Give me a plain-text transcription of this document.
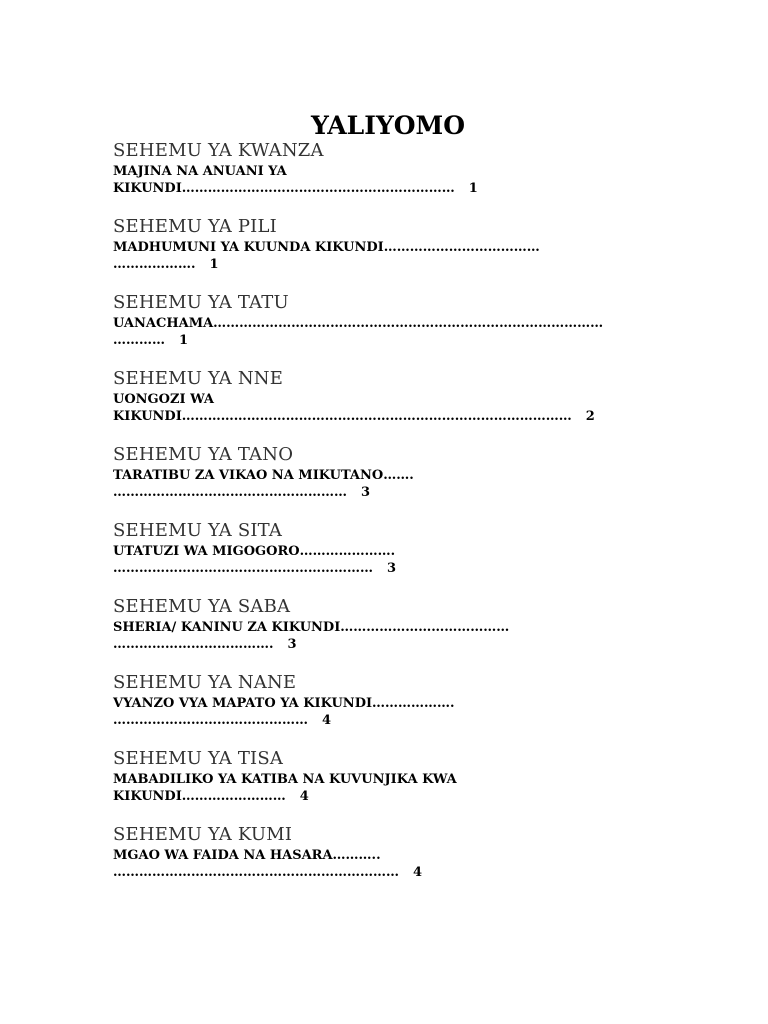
YALIYOMO
SEHEMU YA KWANZA
MAJINA NA ANUANI YA
KIKUNDI……………………………………………………… 1
SEHEMU YA PILI
MADHUMUNI YA KUUNDA KIKUNDI………………………………
………………. 1
SEHEMU YA TATU
UANACHAMA………………………………………………………………………………
………… 1
SEHEMU YA NNE
UONGOZI WA
KIKUNDI……………………………………………………………………………… 2
SEHEMU YA TANO
TARATIBU ZA VIKAO NA MIKUTANO…….
……………………………………………… 3
SEHEMU YA SITA
UTATUZI WA MIGOGORO………………….
…………………………………………………… 3
SEHEMU YA SABA
SHERIA/ KANINU ZA KIKUNDI…………………………………
………………………………. 3
SEHEMU YA NANE
VYANZO VYA MAPATO YA KIKUNDI……………….
……………………………………… 4
SEHEMU YA TISA
MABADILIKO YA KATIBA NA KUVUNJIKA KWA
KIKUNDI…………………… 4
SEHEMU YA KUMI
MGAO WA FAIDA NA HASARA………..
………………………………………………………… 4
